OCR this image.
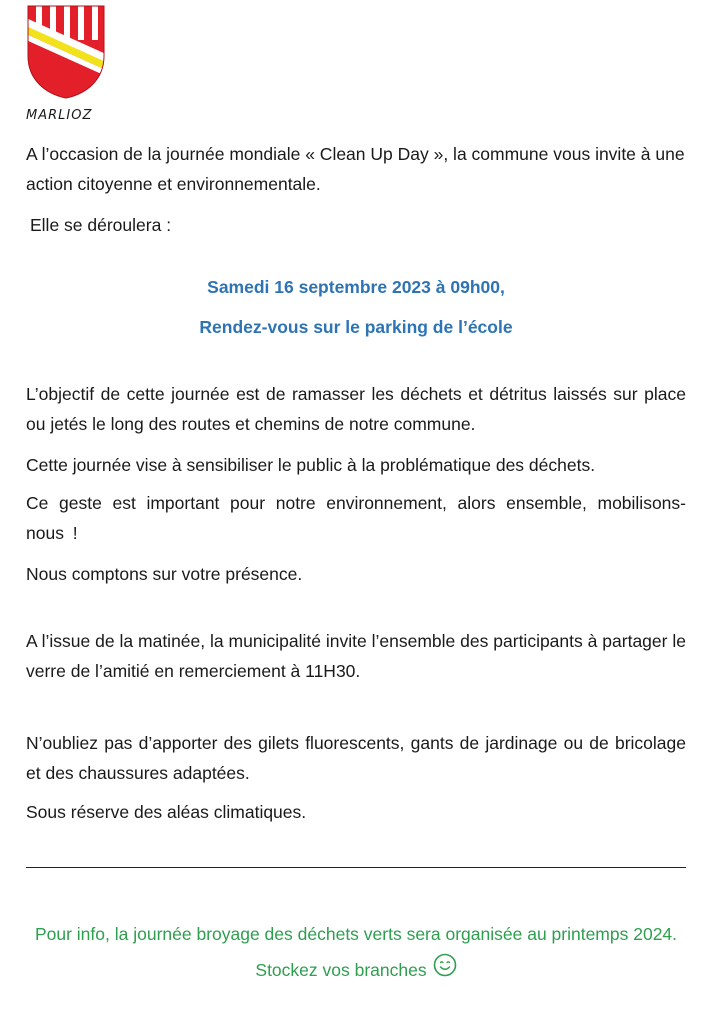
MARLIOZ

A l’occasion de la journée mondiale « Clean Up Day », la commune vous invite à une action citoyenne et environnementale.

Elle se déroulera :

Samedi 16 septembre 2023 à 09h00,
Rendez-vous sur le parking de l’école

L’objectif de cette journée est de ramasser les déchets et détritus laissés sur place ou jetés le long des routes et chemins de notre commune.

Cette journée vise à sensibiliser le public à la problématique des déchets.

Ce geste est important pour notre environnement, alors ensemble, mobilisons-nous !

Nous comptons sur votre présence.

A l’issue de la matinée, la municipalité invite l’ensemble des participants à partager le verre de l’amitié en remerciement à 11H30.

N’oubliez pas d’apporter des gilets fluorescents, gants de jardinage ou de bricolage et des chaussures adaptées.

Sous réserve des aléas climatiques.

Pour info, la journée broyage des déchets verts sera organisée au printemps 2024. Stockez vos branches
